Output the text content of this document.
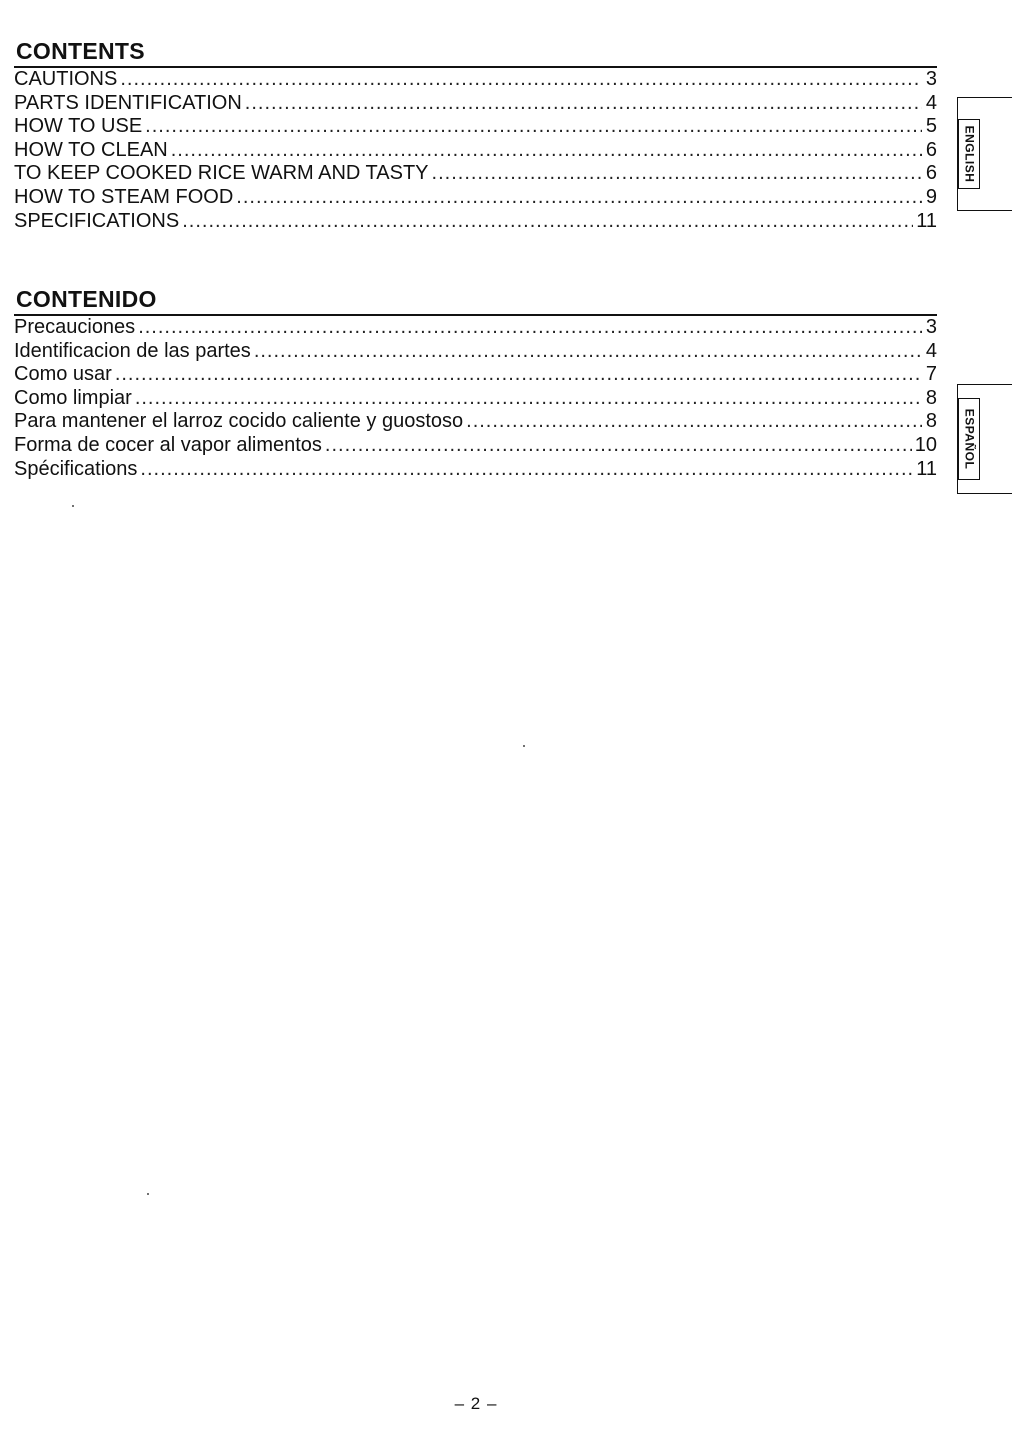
CONTENTS
CAUTIONS .....	3
PARTS IDENTIFICATION .....	4
HOW TO USE .....	5
HOW TO CLEAN .....	6
TO KEEP COOKED RICE WARM AND TASTY .....	6
HOW TO STEAM FOOD .....	9
SPECIFICATIONS .....	11
CONTENIDO
Precauciones .....	3
Identificacion de las partes .....	4
Como usar .....	7
Como limpiar .....	8
Para mantener el larroz cocido caliente y guostoso .....	8
Forma de cocer al vapor alimentos .....	10
Spécifications .....	11
ENGLISH
ESPAÑOL
– 2 –
